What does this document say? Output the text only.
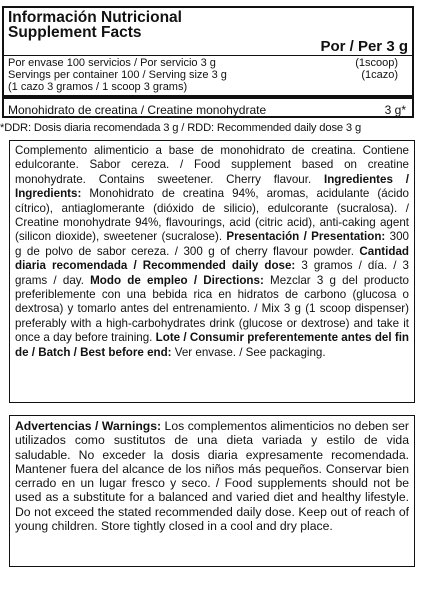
Información Nutricional
Supplement Facts
Por / Per 3 g
Por envase 100 servicios / Por servicio 3 g	(1scoop)
Servings per container 100 / Serving size 3 g	(1cazo)
(1 cazo 3 gramos / 1 scoop 3 grams)
Monohidrato de creatina / Creatine monohydrate	3 g*
*DDR: Dosis diaria recomendada 3 g / RDD: Recommended daily dose 3 g

Complemento alimenticio a base de monohidrato de creatina. Contiene edulcorante. Sabor cereza. / Food supplement based on creatine monohydrate. Contains sweetener. Cherry flavour. Ingredientes / Ingredients: Monohidrato de creatina 94%, aromas, acidulante (ácido cítrico), antiaglomerante (dióxido de silicio), edulcorante (sucralosa). / Creatine monohydrate 94%, flavourings, acid (citric acid), anti-caking agent (silicon dioxide), sweetener (sucralose). Presentación / Presentation: 300 g de polvo de sabor cereza. / 300 g of cherry flavour powder. Cantidad diaria recomendada / Recommended daily dose: 3 gramos / día. / 3 grams / day. Modo de empleo / Directions: Mezclar 3 g del producto preferiblemente con una bebida rica en hidratos de carbono (glucosa o dextrosa) y tomarlo antes del entrenamiento. / Mix 3 g (1 scoop dispenser) preferably with a high-carbohydrates drink (glucose or dextrose) and take it once a day before training. Lote / Consumir preferentemente antes del fin de / Batch / Best before end: Ver envase. / See packaging.

Advertencias / Warnings: Los complementos alimenticios no deben ser utilizados como sustitutos de una dieta variada y estilo de vida saludable. No exceder la dosis diaria expresamente recomendada. Mantener fuera del alcance de los niños más pequeños. Conservar bien cerrado en un lugar fresco y seco. / Food supplements should not be used as a substitute for a balanced and varied diet and healthy lifestyle. Do not exceed the stated recommended daily dose. Keep out of reach of young children. Store tightly closed in a cool and dry place.
